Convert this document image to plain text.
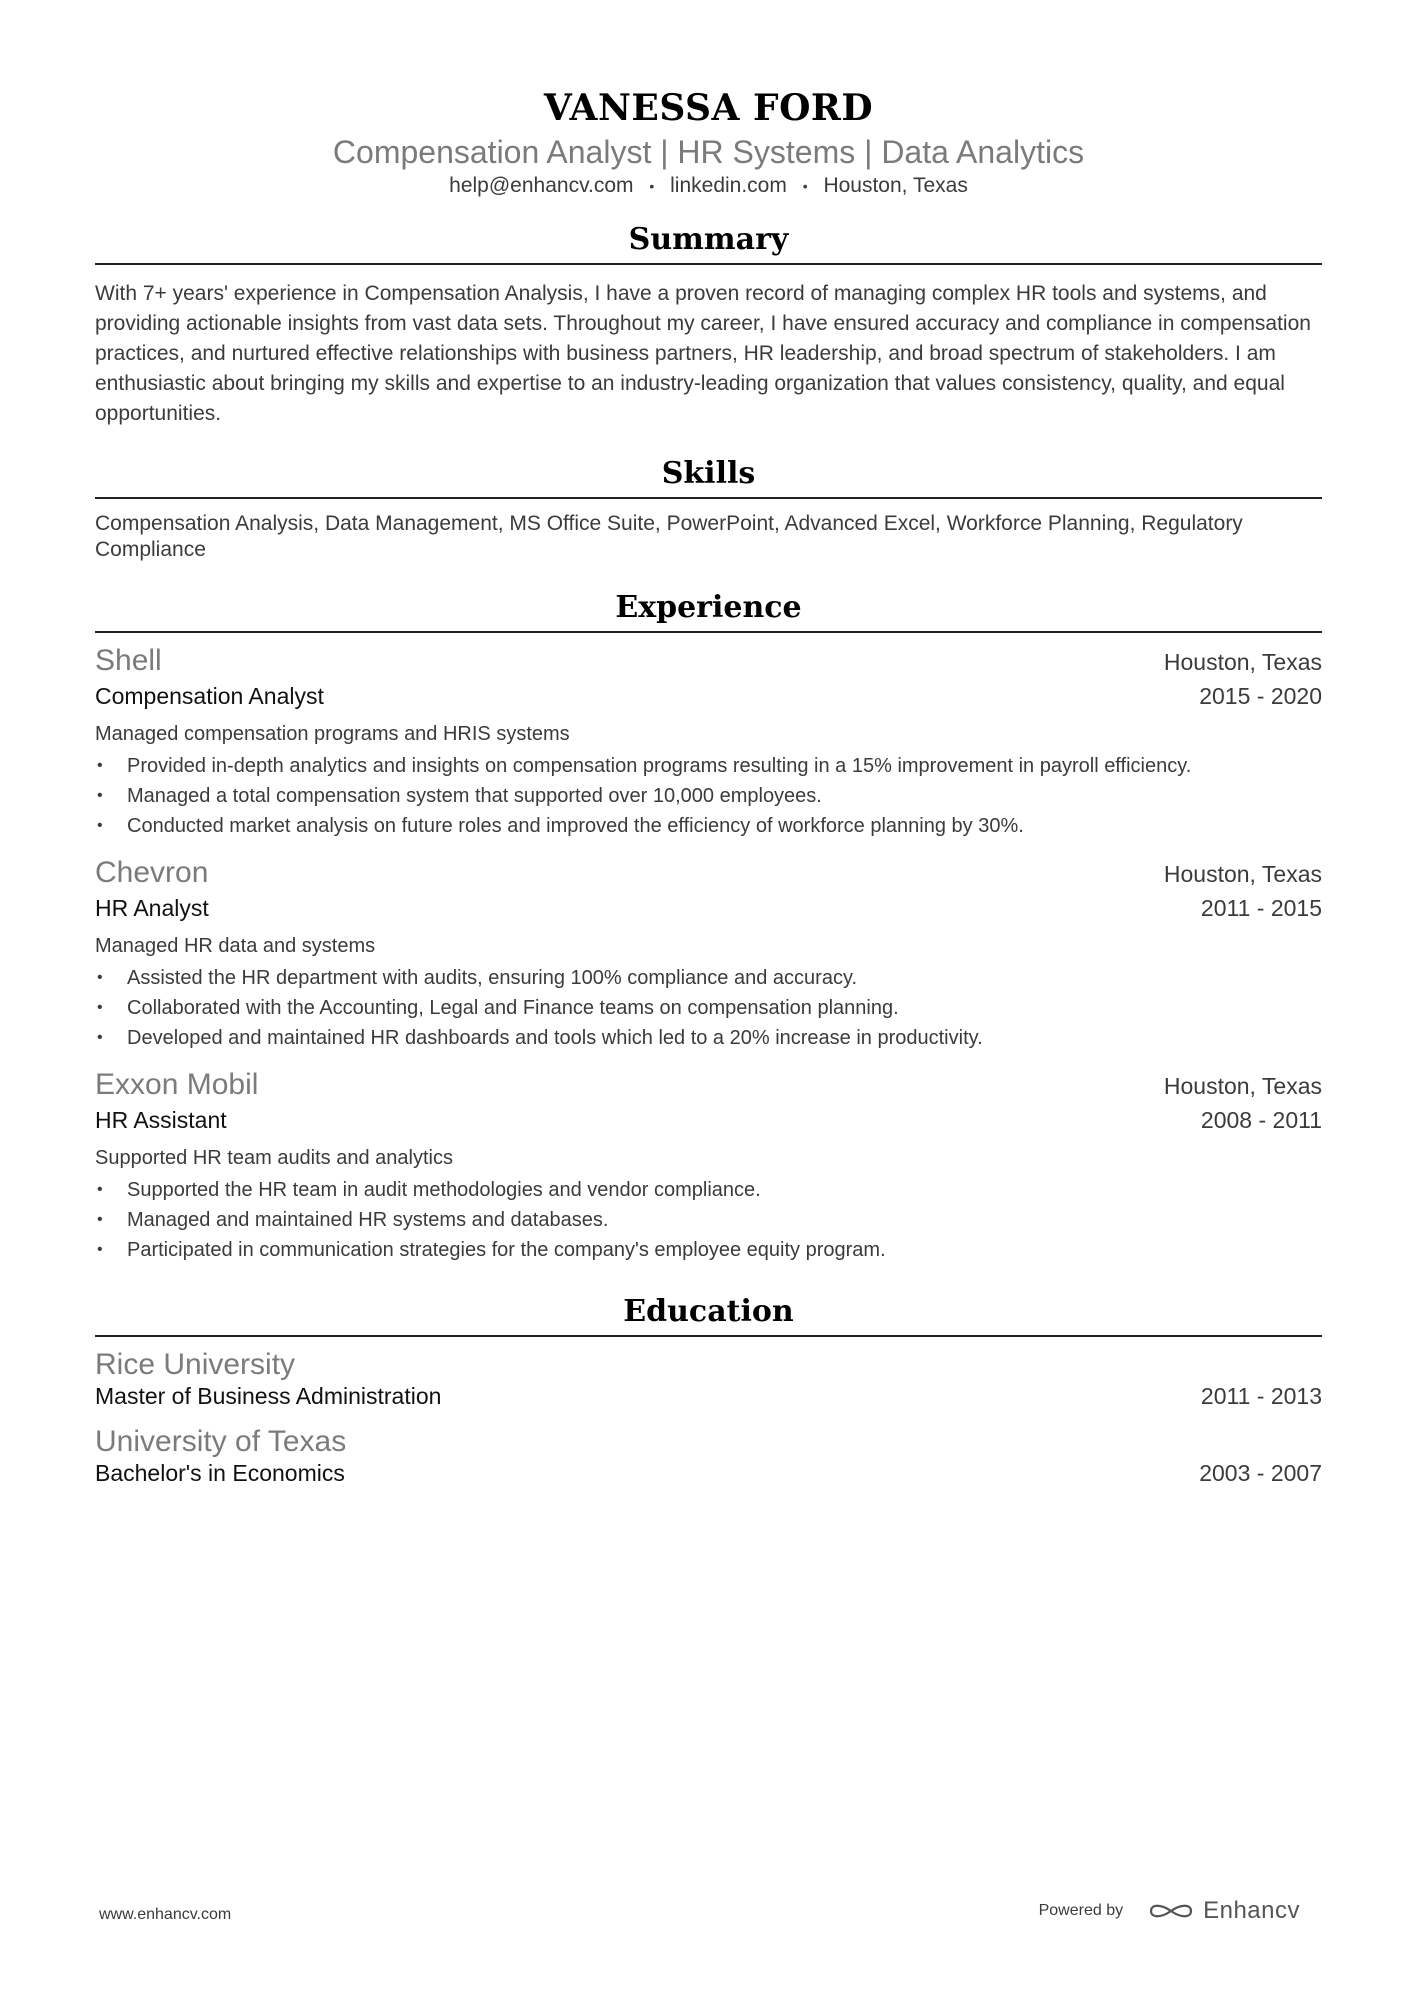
VANESSA FORD
Compensation Analyst | HR Systems | Data Analytics
help@enhancv.com • linkedin.com • Houston, Texas
Summary

With 7+ years' experience in Compensation Analysis, I have a proven record of managing complex HR tools and systems, and providing actionable insights from vast data sets. Throughout my career, I have ensured accuracy and compliance in compensation practices, and nurtured effective relationships with business partners, HR leadership, and broad spectrum of stakeholders. I am enthusiastic about bringing my skills and expertise to an industry-leading organization that values consistency, quality, and equal opportunities.

Skills

Compensation Analysis, Data Management, MS Office Suite, PowerPoint, Advanced Excel, Workforce Planning, Regulatory Compliance

Experience
Shell	Houston, Texas
Compensation Analyst	2015 - 2020
Managed compensation programs and HRIS systems
• Provided in-depth analytics and insights on compensation programs resulting in a 15% improvement in payroll efficiency.
• Managed a total compensation system that supported over 10,000 employees.
• Conducted market analysis on future roles and improved the efficiency of workforce planning by 30%.
Chevron	Houston, Texas
HR Analyst	2011 - 2015
Managed HR data and systems
• Assisted the HR department with audits, ensuring 100% compliance and accuracy.
• Collaborated with the Accounting, Legal and Finance teams on compensation planning.
• Developed and maintained HR dashboards and tools which led to a 20% increase in productivity.
Exxon Mobil	Houston, Texas
HR Assistant	2008 - 2011
Supported HR team audits and analytics
• Supported the HR team in audit methodologies and vendor compliance.
• Managed and maintained HR systems and databases.
• Participated in communication strategies for the company's employee equity program.
Education
Rice University
Master of Business Administration	2011 - 2013
University of Texas
Bachelor's in Economics	2003 - 2007
www.enhancv.com	Powered by	Enhancv
